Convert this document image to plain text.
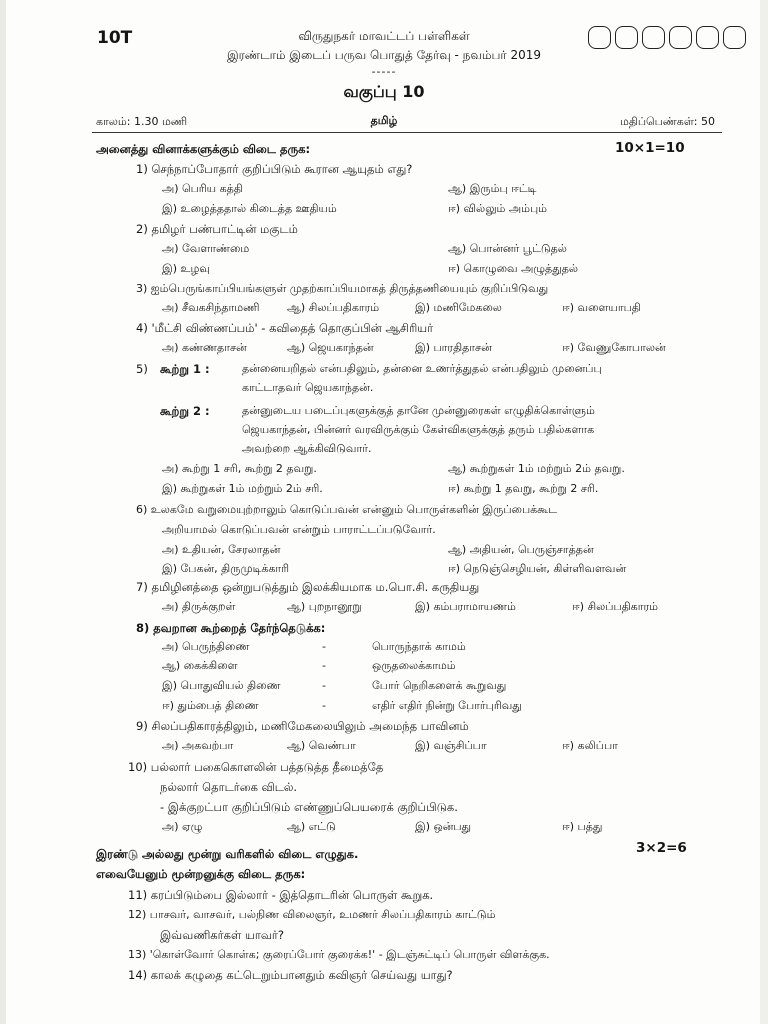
10T	விருதுநகர் மாவட்டப் பள்ளிகள்
இரண்டாம் இடைப் பருவ பொதுத் தேர்வு - நவம்பர் 2019
-----
வகுப்பு 10
காலம்: 1.30 மணி	தமிழ்	மதிப்பெண்கள்: 50
அனைத்து வினாக்களுக்கும் விடை தருக:	10×1=10
1) செந்நாப்போதார் குறிப்பிடும் கூரான ஆயுதம் எது?
அ) பெரிய கத்தி	ஆ) இரும்பு ஈட்டி
இ) உழைத்ததால் கிடைத்த ஊதியம்	ஈ) வில்லும் அம்பும்
2) தமிழர் பண்பாட்டின் மகுடம்
அ) வேளாண்மை	ஆ) பொன்னர் பூட்டுதல்
இ) உழவு	ஈ) கொழுவை அழுத்துதல்
3) ஐம்பெருங்காப்பியங்களுள் முதற்காப்பியமாகத் திருத்தணியையும் குறிப்பிடுவது
அ) சீவகசிந்தாமணி	ஆ) சிலப்பதிகாரம்	இ) மணிமேகலை	ஈ) வளையாபதி
4) 'மீட்சி விண்ணப்பம்' - கவிதைத் தொகுப்பின் ஆசிரியர்
அ) கண்ணதாசன்	ஆ) ஜெயகாந்தன்	இ) பாரதிதாசன்	ஈ) வேணுகோபாலன்
5) கூற்று 1 :	தன்னையறிதல் என்பதிலும், தன்னை உணர்த்துதல் என்பதிலும் முனைப்பு
காட்டாதவர் ஜெயகாந்தன்.
கூற்று 2 :	தன்னுடைய படைப்புகளுக்குத் தானே முன்னுரைகள் எழுதிக்கொள்ளும்
ஜெயகாந்தன், பின்னர் வரவிருக்கும் கேள்விகளுக்குத் தரும் பதில்களாக
அவற்றை ஆக்கிவிடுவார்.
அ) கூற்று 1 சரி, கூற்று 2 தவறு.	ஆ) கூற்றுகள் 1ம் மற்றும் 2ம் தவறு.
இ) கூற்றுகள் 1ம் மற்றும் 2ம் சரி.	ஈ) கூற்று 1 தவறு, கூற்று 2 சரி.
6) உலகமே வறுமையுற்றாலும் கொடுப்பவன் என்னும் பொருள்களின் இருப்பைக்கூட
அறியாமல் கொடுப்பவன் என்றும் பாராட்டப்படுவோர்.
அ) உதியன், சேரலாதன்	ஆ) அதியன், பெருஞ்சாத்தன்
இ) பேகன், திருமுடிக்காரி	ஈ) நெடுஞ்செழியன், கிள்ளிவளவன்
7) தமிழினத்தை ஒன்றுபடுத்தும் இலக்கியமாக ம.பொ.சி. கருதியது
அ) திருக்குறள்	ஆ) புறநானூறு	இ) கம்பராமாயணம்	ஈ) சிலப்பதிகாரம்
8) தவறான கூற்றைத் தேர்ந்தெடுக்க:
அ) பெருந்திணை	-	பொருந்தாக் காமம்
ஆ) கைக்கிளை	-	ஒருதலைக்காமம்
இ) பொதுவியல் திணை	-	போர் நெறிகளைக் கூறுவது
ஈ) தும்பைத் திணை	-	எதிர் எதிர் நின்று போர்புரிவது
9) சிலப்பதிகாரத்திலும், மணிமேகலையிலும் அமைந்த பாவினம்
அ) அகவற்பா	ஆ) வெண்பா	இ) வஞ்சிப்பா	ஈ) கலிப்பா
10) பல்லார் பகைகொளலின் பத்தடுத்த தீமைத்தே
நல்லார் தொடர்கை விடல்.
- இக்குறட்பா குறிப்பிடும் எண்ணுப்பெயரைக் குறிப்பிடுக.
அ) ஏழு	ஆ) எட்டு	இ) ஒன்பது	ஈ) பத்து
இரண்டு அல்லது மூன்று வரிகளில் விடை எழுதுக.	3×2=6
எவையேனும் மூன்றனுக்கு விடை தருக:
11) கரப்பிடும்பை இல்லார் - இத்தொடரின் பொருள் கூறுக.
12) பாசவர், வாசவர், பல்நிண விலைஞர், உமணர் சிலப்பதிகாரம் காட்டும்
இவ்வணிகர்கள் யாவர்?
13) 'கொள்வோர் கொள்க; குரைப்போர் குரைக்க!' - இடஞ்சுட்டிப் பொருள் விளக்குக.
14) காலக் கழுதை கட்டெறும்பானதும் கவிஞர் செய்வது யாது?
